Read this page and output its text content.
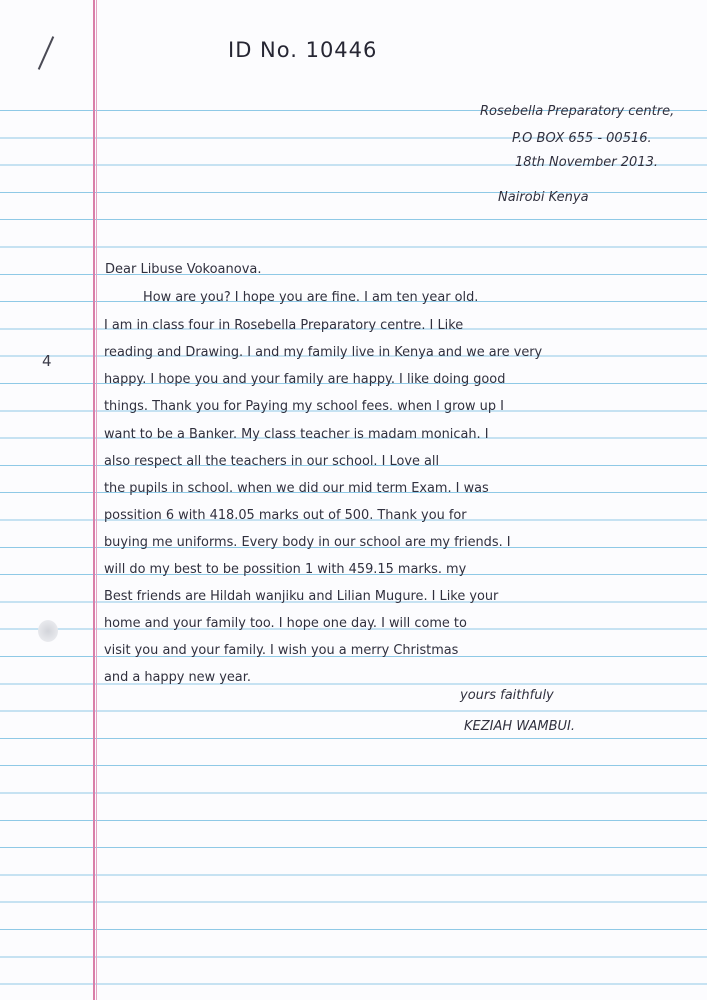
ID No. 10446
Rosebella Preparatory centre,
P.O BOX 655 - 00516.
18th November 2013.
Nairobi Kenya
Dear Libuse Vokoanova.
4
How are you? I hope you are fine. I am ten year old.
I am in class four in Rosebella Preparatory centre. I Like
reading and Drawing. I and my family live in Kenya and we are very
happy. I hope you and your family are happy. I like doing good
things. Thank you for Paying my school fees. when I grow up I
want to be a Banker. My class teacher is madam monicah. I
also respect all the teachers in our school. I Love all
the pupils in school. when we did our mid term Exam. I was
possition 6 with 418.05 marks out of 500. Thank you for
buying me uniforms. Every body in our school are my friends. I
will do my best to be possition 1 with 459.15 marks. my
Best friends are Hildah wanjiku and Lilian Mugure. I Like your
home and your family too. I hope one day. I will come to
visit you and your family. I wish you a merry Christmas
and a happy new year.
yours faithfuly
KEZIAH WAMBUI.
